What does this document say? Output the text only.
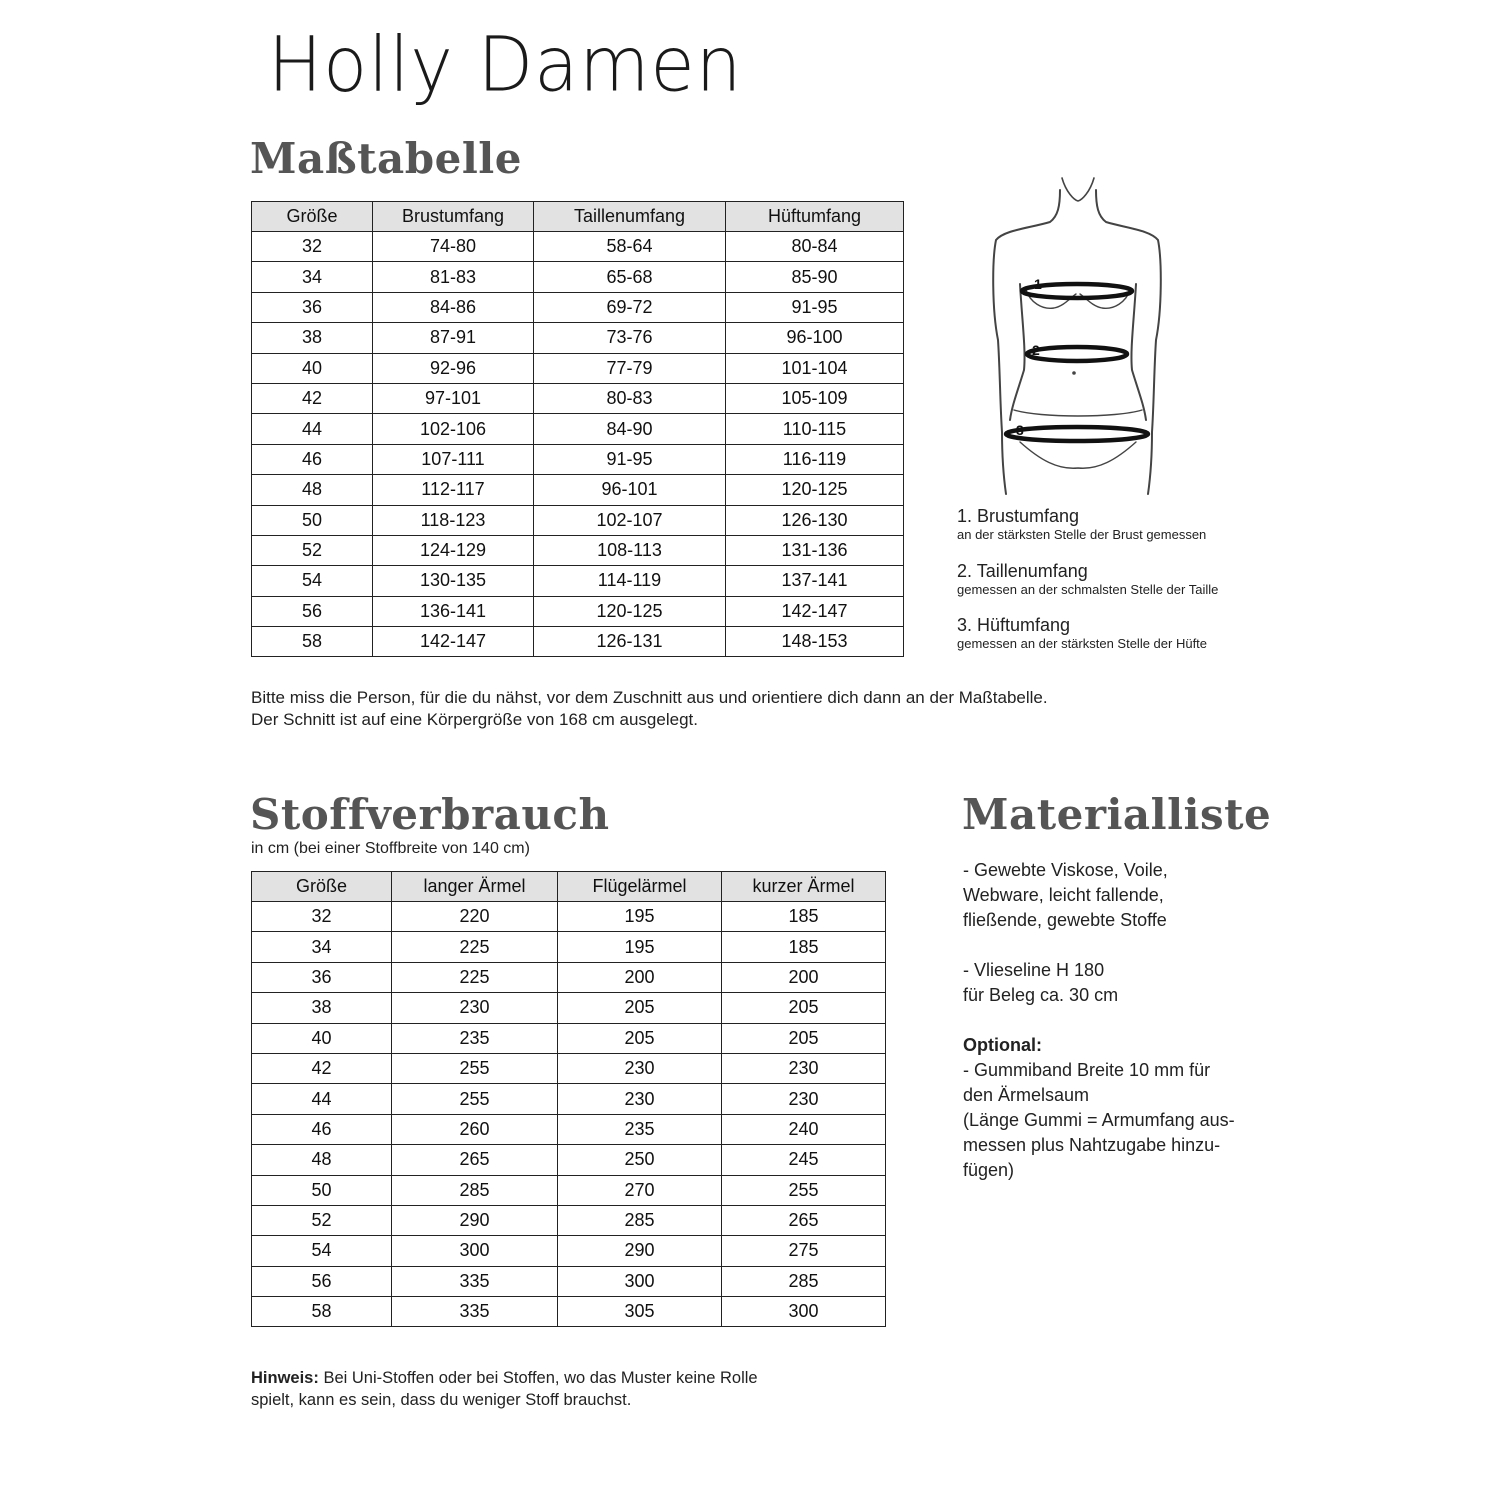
Holly Damen
Maßtabelle
Größe	Brustumfang	Taillenumfang	Hüftumfang
32	74-80	58-64	80-84
34	81-83	65-68	85-90
36	84-86	69-72	91-95
38	87-91	73-76	96-100
40	92-96	77-79	101-104
42	97-101	80-83	105-109
44	102-106	84-90	110-115
46	107-111	91-95	116-119
48	112-117	96-101	120-125
50	118-123	102-107	126-130
52	124-129	108-113	131-136
54	130-135	114-119	137-141
56	136-141	120-125	142-147
58	142-147	126-131	148-153
Bitte miss die Person, für die du nähst, vor dem Zuschnitt aus und orientiere dich dann an der Maßtabelle.
Der Schnitt ist auf eine Körpergröße von 168 cm ausgelegt.
1
2
3
1. Brustumfang
an der stärksten Stelle der Brust gemessen
2. Taillenumfang
gemessen an der schmalsten Stelle der Taille
3. Hüftumfang
gemessen an der stärksten Stelle der Hüfte
Stoffverbrauch
in cm (bei einer Stoffbreite von 140 cm)
Größe	langer Ärmel	Flügelärmel	kurzer Ärmel
32	220	195	185
34	225	195	185
36	225	200	200
38	230	205	205
40	235	205	205
42	255	230	230
44	255	230	230
46	260	235	240
48	265	250	245
50	285	270	255
52	290	285	265
54	300	290	275
56	335	300	285
58	335	305	300
Hinweis: Bei Uni-Stoffen oder bei Stoffen, wo das Muster keine Rolle
spielt, kann es sein, dass du weniger Stoff brauchst.
Materialliste

- Gewebte Viskose, Voile,

Webware, leicht fallende,

fließende, gewebte Stoffe

- Vlieseline H 180

für Beleg ca. 30 cm

Optional:

- Gummiband Breite 10 mm für

den Ärmelsaum

(Länge Gummi = Armumfang aus-

messen plus Nahtzugabe hinzu-

fügen)
